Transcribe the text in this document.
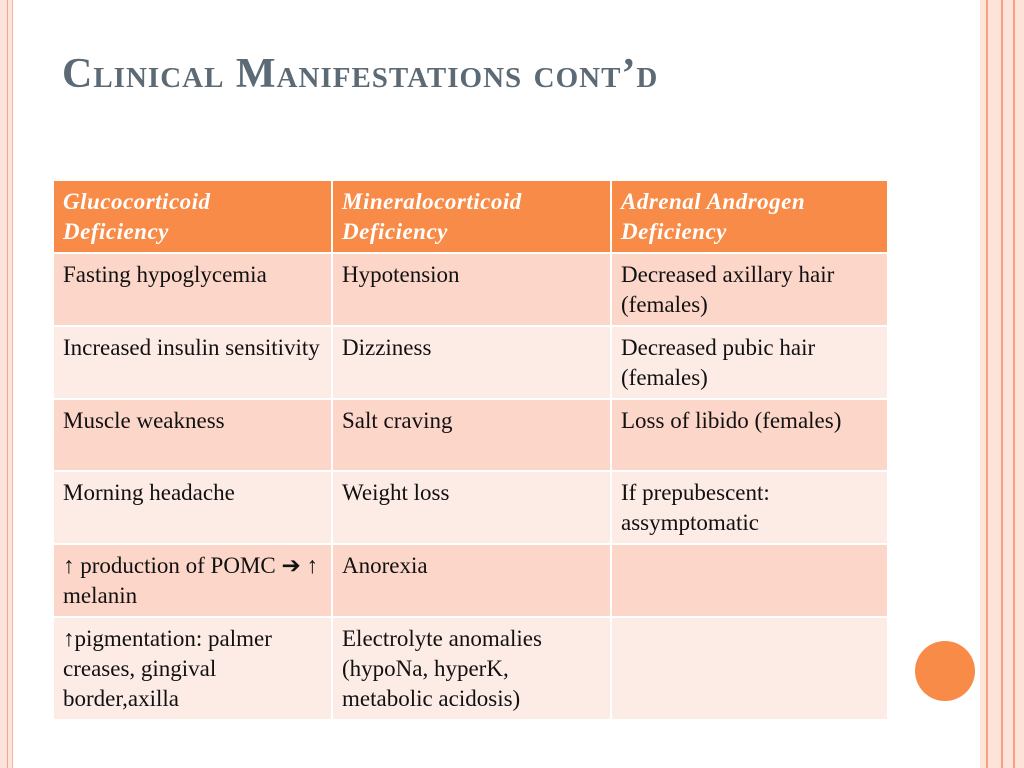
Clinical Manifestations cont’d
Glucocorticoid Deficiency	Mineralocorticoid Deficiency	Adrenal Androgen Deficiency
Fasting hypoglycemia	Hypotension	Decreased axillary hair (females)
Increased insulin sensitivity	Dizziness	Decreased pubic hair (females)
Muscle weakness	Salt craving	Loss of libido (females)
Morning headache	Weight loss	If prepubescent: assymptomatic
↑ production of POMC ➔ ↑ melanin	Anorexia	
↑pigmentation: palmer creases, gingival border,axilla	Electrolyte anomalies (hypoNa, hyperK, metabolic acidosis)	
